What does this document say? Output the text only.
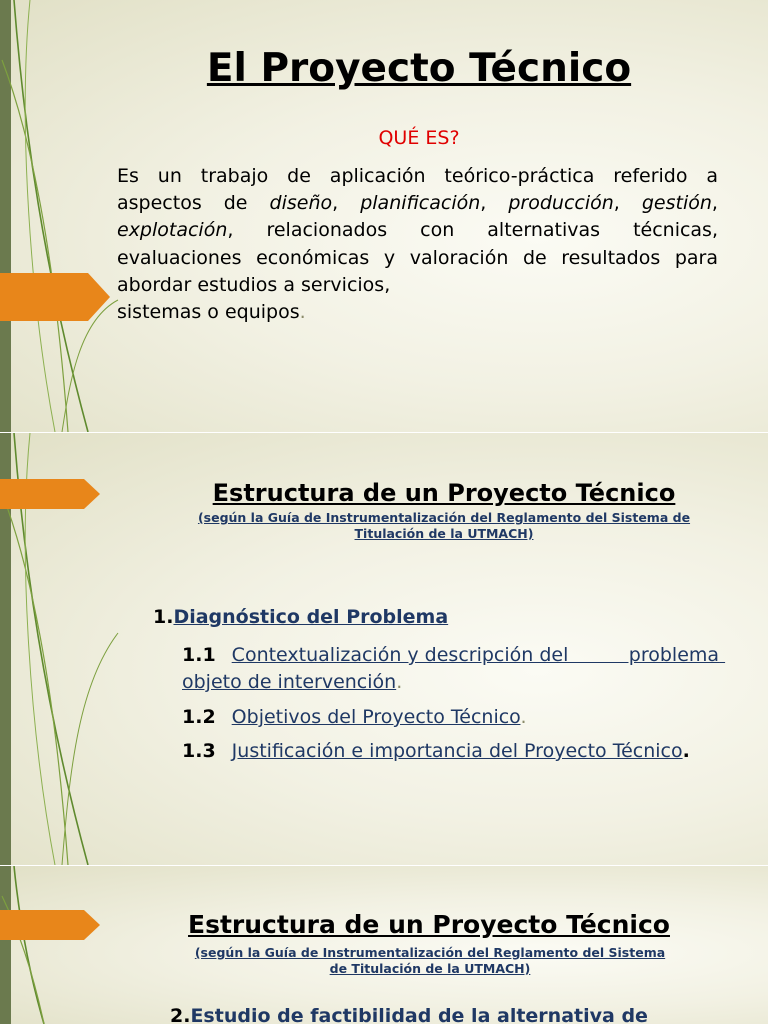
El Proyecto Técnico

QUÉ ES?

Es un trabajo de aplicación teórico-práctica referido a aspectos de diseño, planificación, producción, gestión, explotación, relacionados con alternativas técnicas, evaluaciones económicas y valoración de resultados para abordar estudios a servicios,
sistemas o equipos.

Estructura de un Proyecto Técnico

(según la Guía de Instrumentalización del Reglamento del Sistema de
Titulación de la UTMACH)

1.Diagnóstico del Problema

1.1 Contextualización y descripción del          problema objeto de intervención.

1.2 Objetivos del Proyecto Técnico.

1.3 Justificación e importancia del Proyecto Técnico.

Estructura de un Proyecto Técnico

(según la Guía de Instrumentalización del Reglamento del Sistema
de Titulación de la UTMACH)

2.Estudio de factibilidad de la alternativa de
